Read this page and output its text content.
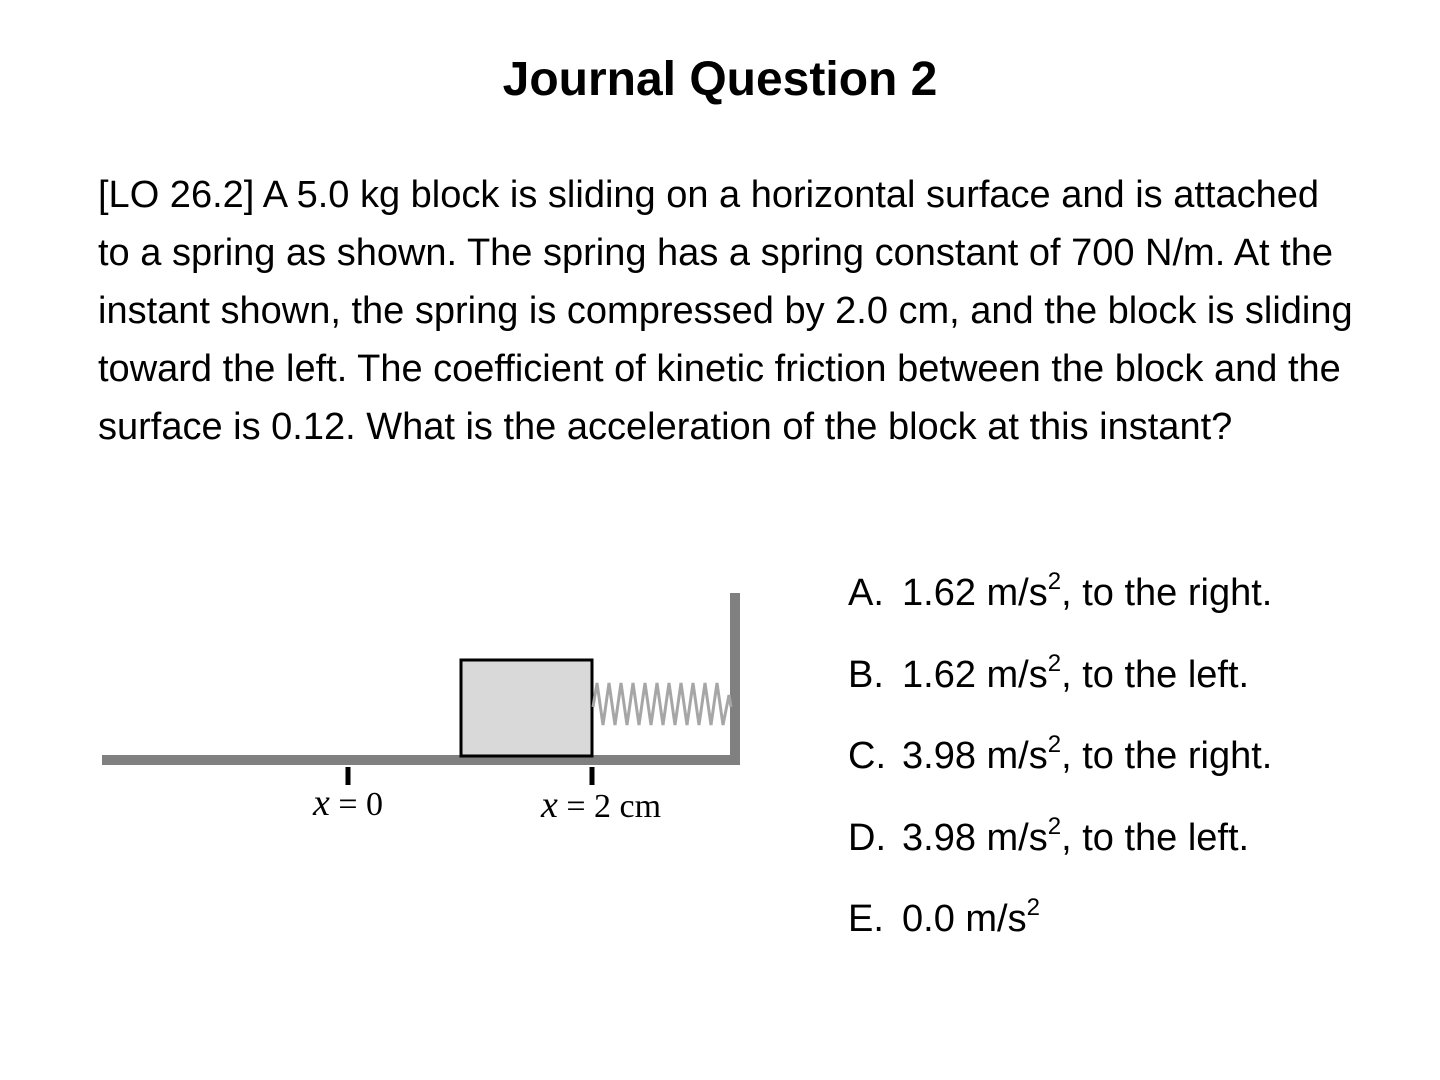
Journal Question 2
[LO 26.2] A 5.0 kg block is sliding on a horizontal surface and is attached to a spring as shown. The spring has a spring constant of 700 N/m. At the instant shown, the spring is compressed by 2.0 cm, and the block is sliding toward the left. The coefficient of kinetic friction between the block and the surface is 0.12. What is the acceleration of the block at this instant?
x = 0	x = 2 cm
A. 1.62 $m/s^2$, to the right.
B. 1.62 $m/s^2$, to the left.
C. 3.98 $m/s^2$, to the right.
D. 3.98 $m/s^2$, to the left.
E. 0.0 $m/s^2$
